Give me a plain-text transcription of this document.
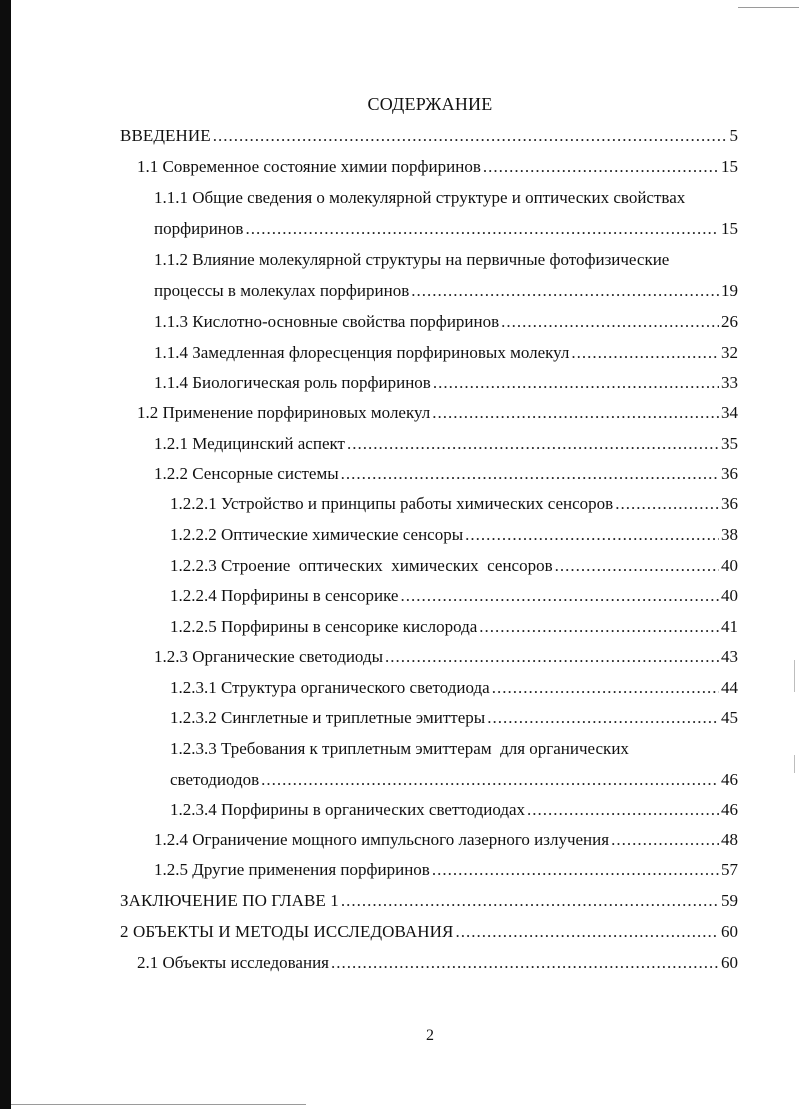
СОДЕРЖАНИЕ
ВВЕДЕНИЕ .....	5
1.1 Современное состояние химии порфиринов .....	15
1.1.1 Общие сведения о молекулярной структуре и оптических свойствах
порфиринов .....	15
1.1.2 Влияние молекулярной структуры на первичные фотофизические
процессы в молекулах порфиринов .....	19
1.1.3 Кислотно-основные свойства порфиринов .....	26
1.1.4 Замедленная флоресценция порфириновых молекул .....	32
1.1.4 Биологическая роль порфиринов .....	33
1.2 Применение порфириновых молекул .....	34
1.2.1 Медицинский аспект .....	35
1.2.2 Сенсорные системы .....	36
1.2.2.1 Устройство и принципы работы химических сенсоров .....	36
1.2.2.2 Оптические химические сенсоры .....	38
1.2.2.3 Строение  оптических  химических  сенсоров .....	40
1.2.2.4 Порфирины в сенсорике .....	40
1.2.2.5 Порфирины в сенсорике кислорода .....	41
1.2.3 Органические светодиоды .....	43
1.2.3.1 Структура органического светодиода .....	44
1.2.3.2 Синглетные и триплетные эмиттеры .....	45
1.2.3.3 Требования к триплетным эмиттерам  для органических
светодиодов .....	46
1.2.3.4 Порфирины в органических светтодиодах .....	46
1.2.4 Ограничение мощного импульсного лазерного излучения .....	48
1.2.5 Другие применения порфиринов .....	57
ЗАКЛЮЧЕНИЕ ПО ГЛАВЕ 1 .....	59
2 ОБЪЕКТЫ И МЕТОДЫ ИССЛЕДОВАНИЯ .....	60
2.1 Объекты исследования .....	60
2
